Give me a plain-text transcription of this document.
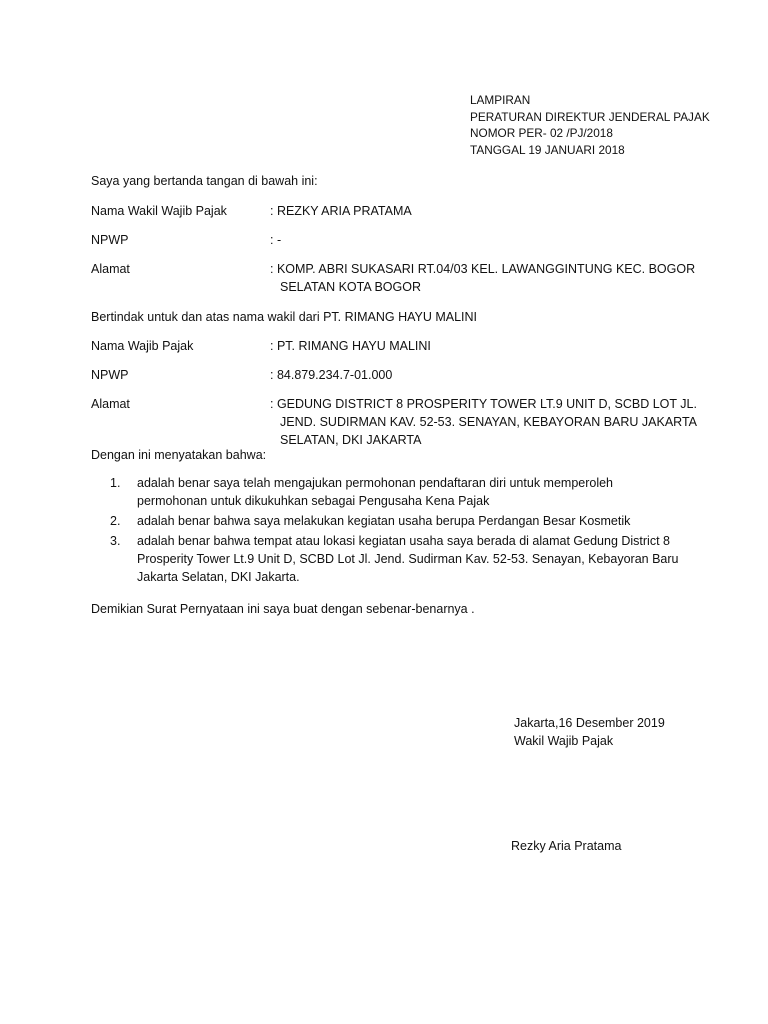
LAMPIRAN
PERATURAN DIREKTUR JENDERAL PAJAK
NOMOR PER- 02 /PJ/2018
TANGGAL 19 JANUARI 2018
Saya yang bertanda tangan di bawah ini:
Nama Wakil Wajib Pajak	: REZKY ARIA PRATAMA
NPWP	: -
Alamat	: KOMP. ABRI SUKASARI RT.04/03 KEL. LAWANGGINTUNG KEC. BOGOR
SELATAN KOTA BOGOR
Bertindak untuk dan atas nama wakil dari PT. RIMANG HAYU MALINI
Nama Wajib Pajak	: PT. RIMANG HAYU MALINI
NPWP	: 84.879.234.7-01.000
Alamat	: GEDUNG DISTRICT 8 PROSPERITY TOWER LT.9 UNIT D, SCBD LOT JL.
JEND. SUDIRMAN KAV. 52-53. SENAYAN, KEBAYORAN BARU JAKARTA
SELATAN, DKI JAKARTA
Dengan ini menyatakan bahwa:
1.	adalah benar saya telah mengajukan permohonan pendaftaran diri untuk memperoleh
permohonan untuk dikukuhkan sebagai Pengusaha Kena Pajak
2.	adalah benar bahwa saya melakukan kegiatan usaha berupa Perdangan Besar Kosmetik
3.	adalah benar bahwa tempat atau lokasi kegiatan usaha saya berada di alamat Gedung District 8
Prosperity Tower Lt.9 Unit D, SCBD Lot Jl. Jend. Sudirman Kav. 52-53. Senayan, Kebayoran Baru
Jakarta Selatan, DKI Jakarta.
Demikian Surat Pernyataan ini saya buat dengan sebenar-benarnya .
Jakarta,16 Desember 2019
Wakil Wajib Pajak
Rezky Aria Pratama
